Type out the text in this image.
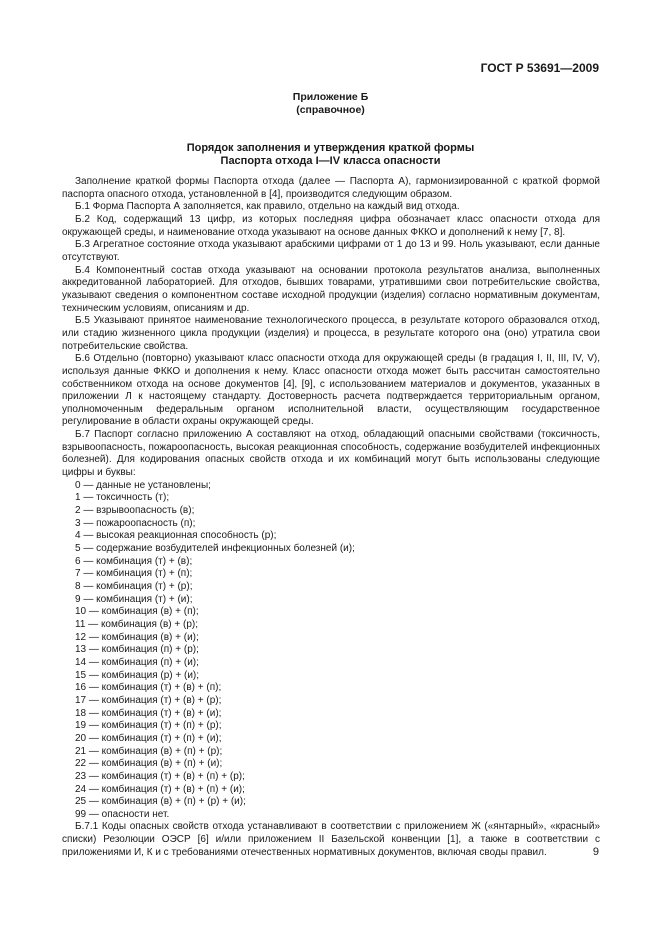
ГОСТ Р 53691—2009
Приложение Б
(справочное)
Порядок заполнения и утверждения краткой формы
Паспорта отхода I—IV класса опасности

Заполнение краткой формы Паспорта отхода (далее — Паспорта А), гармонизированной с краткой формой паспорта опасного отхода, установленной в [4], производится следующим образом.

Б.1 Форма Паспорта А заполняется, как правило, отдельно на каждый вид отхода.

Б.2 Код, содержащий 13 цифр, из которых последняя цифра обозначает класс опасности отхода для окружающей среды, и наименование отхода указывают на основе данных ФККО и дополнений к нему [7, 8].

Б.3 Агрегатное состояние отхода указывают арабскими цифрами от 1 до 13 и 99. Ноль указывают, если данные отсутствуют.

Б.4 Компонентный состав отхода указывают на основании протокола результатов анализа, выполненных аккредитованной лабораторией. Для отходов, бывших товарами, утратившими свои потребительские свойства, указывают сведения о компонентном составе исходной продукции (изделия) согласно нормативным документам, техническим условиям, описаниям и др.

Б.5 Указывают принятое наименование технологического процесса, в результате которого образовался отход, или стадию жизненного цикла продукции (изделия) и процесса, в результате которого она (оно) утратила свои потребительские свойства.

Б.6 Отдельно (повторно) указывают класс опасности отхода для окружающей среды (в градация I, II, III, IV, V), используя данные ФККО и дополнения к нему. Класс опасности отхода может быть рассчитан самостоятельно собственником отхода на основе документов [4], [9], с использованием материалов и документов, указанных в приложении Л к настоящему стандарту. Достоверность расчета подтверждается территориальным органом, уполномоченным федеральным органом исполнительной власти, осуществляющим государственное регулирование в области охраны окружающей среды.

Б.7 Паспорт согласно приложению А составляют на отход, обладающий опасными свойствами (токсичность, взрывоопасность, пожароопасность, высокая реакционная способность, содержание возбудителей инфекционных болезней). Для кодирования опасных свойств отхода и их комбинаций могут быть использованы следующие цифры и буквы:

0 — данные не установлены;
1 — токсичность (т);
2 — взрывоопасность (в);
3 — пожароопасность (п);
4 — высокая реакционная способность (р);
5 — содержание возбудителей инфекционных болезней (и);
6 — комбинация (т) + (в);
7 — комбинация (т) + (п);
8 — комбинация (т) + (р);
9 — комбинация (т) + (и);
10 — комбинация (в) + (п);
11 — комбинация (в) + (р);
12 — комбинация (в) + (и);
13 — комбинация (п) + (р);
14 — комбинация (п) + (и);
15 — комбинация (р) + (и);
16 — комбинация (т) + (в) + (п);
17 — комбинация (т) + (в) + (р);
18 — комбинация (т) + (в) + (и);
19 — комбинация (т) + (п) + (р);
20 — комбинация (т) + (п) + (и);
21 — комбинация (в) + (п) + (р);
22 — комбинация (в) + (п) + (и);
23 — комбинация (т) + (в) + (п) + (р);
24 — комбинация (т) + (в) + (п) + (и);
25 — комбинация (в) + (п) + (р) + (и);
99 — опасности нет.

Б.7.1 Коды опасных свойств отхода устанавливают в соответствии с приложением Ж («янтарный», «красный» списки) Резолюции ОЭСР [6] и/или приложением II Базельской конвенции [1], а также в соответствии с приложениями И, К и с требованиями отечественных нормативных документов, включая своды правил.	9
